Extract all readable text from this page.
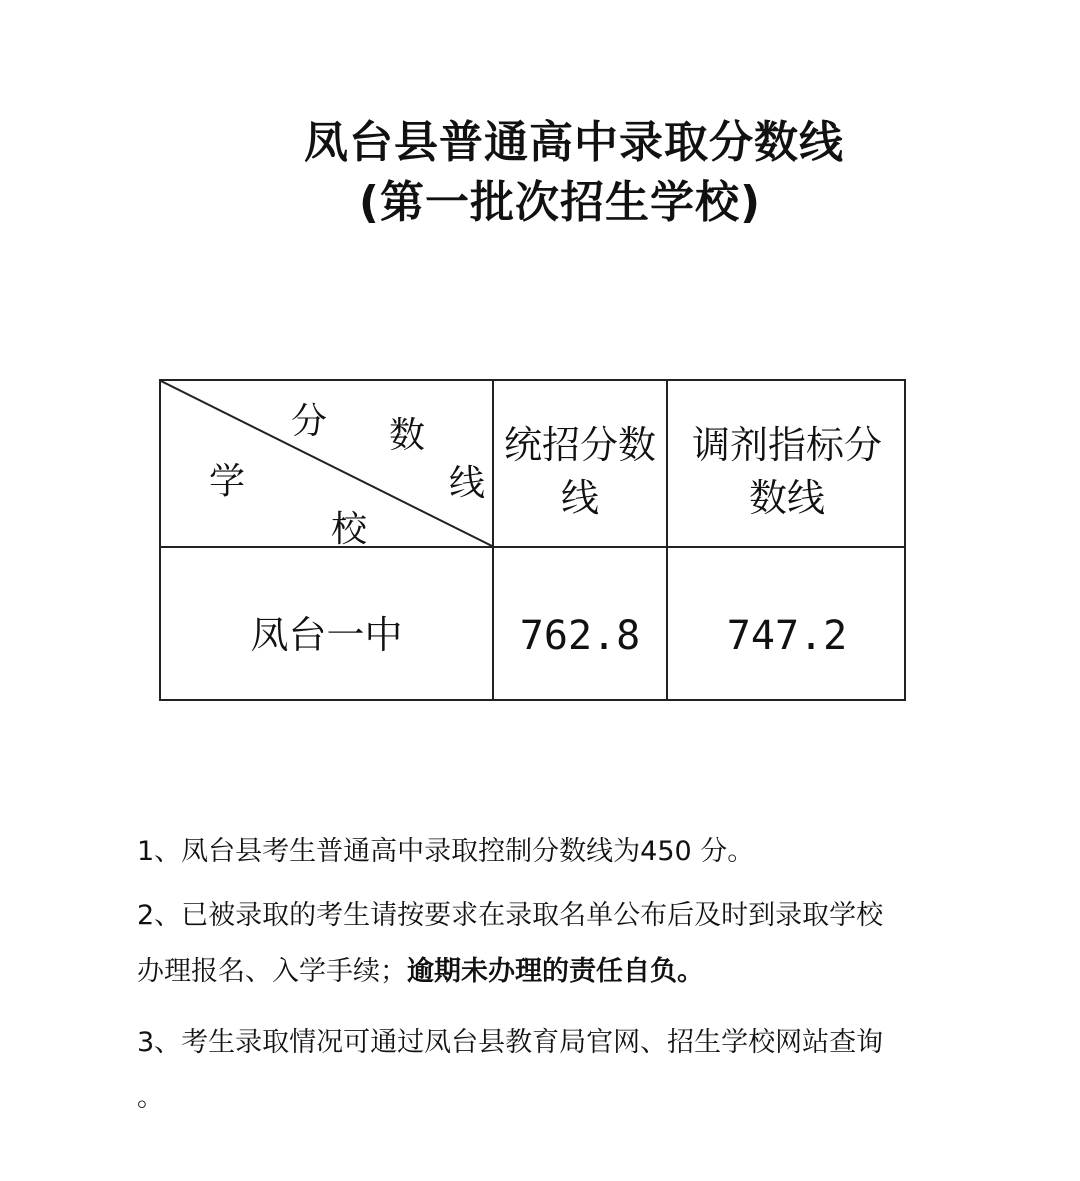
凤台县普通高中录取分数线
(第一批次招生学校)
分 数
线
学
校
统招分数
线
调剂指标分
数线
凤台一中	762.8	747.2
1、凤台县考生普通高中录取控制分数线为450 分。
2、已被录取的考生请按要求在录取名单公布后及时到录取学校
办理报名、入学手续；逾期未办理的责任自负。
3、考生录取情况可通过凤台县教育局官网、招生学校网站查询
。
